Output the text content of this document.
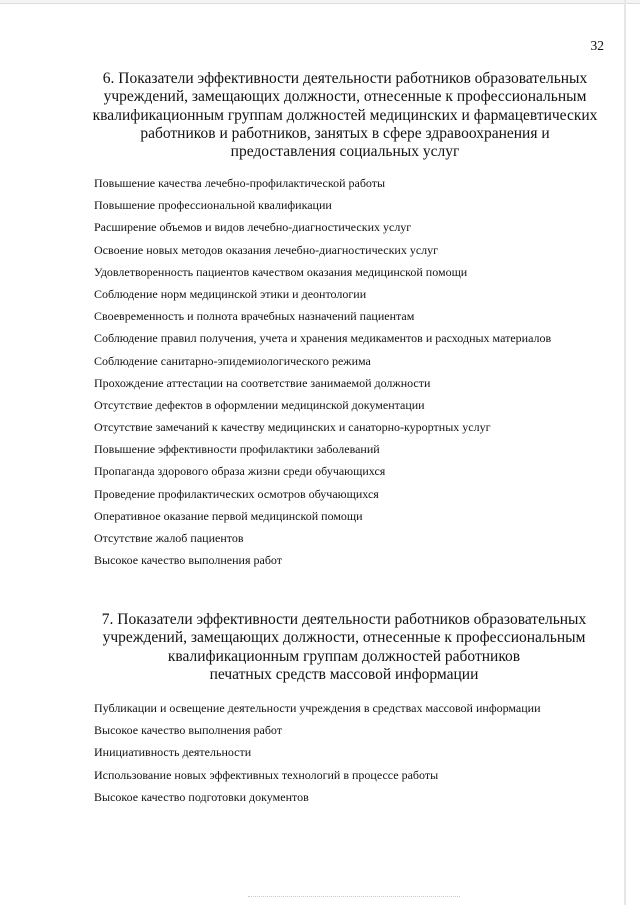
32
6. Показатели эффективности деятельности работников образовательных
учреждений, замещающих должности, отнесенные к профессиональным
квалификационным группам должностей медицинских и фармацевтических
работников и работников, занятых в сфере здравоохранения и
предоставления социальных услуг
Повышение качества лечебно-профилактической работы
Повышение профессиональной квалификации
Расширение объемов и видов лечебно-диагностических услуг
Освоение новых методов оказания лечебно-диагностических услуг
Удовлетворенность пациентов качеством оказания медицинской помощи
Соблюдение норм медицинской этики и деонтологии
Своевременность и полнота врачебных назначений пациентам
Соблюдение правил получения, учета и хранения медикаментов и расходных материалов
Соблюдение санитарно-эпидемиологического режима
Прохождение аттестации на соответствие занимаемой должности
Отсутствие дефектов в оформлении медицинской документации
Отсутствие замечаний к качеству медицинских и санаторно-курортных услуг
Повышение эффективности профилактики заболеваний
Пропаганда здорового образа жизни среди обучающихся
Проведение профилактических осмотров обучающихся
Оперативное оказание первой медицинской помощи
Отсутствие жалоб пациентов
Высокое качество выполнения работ
7. Показатели эффективности деятельности работников образовательных
учреждений, замещающих должности, отнесенные к профессиональным
квалификационным группам должностей работников
печатных средств массовой информации
Публикации и освещение деятельности учреждения в средствах массовой информации
Высокое качество выполнения работ
Инициативность деятельности
Использование новых эффективных технологий в процессе работы
Высокое качество подготовки документов
